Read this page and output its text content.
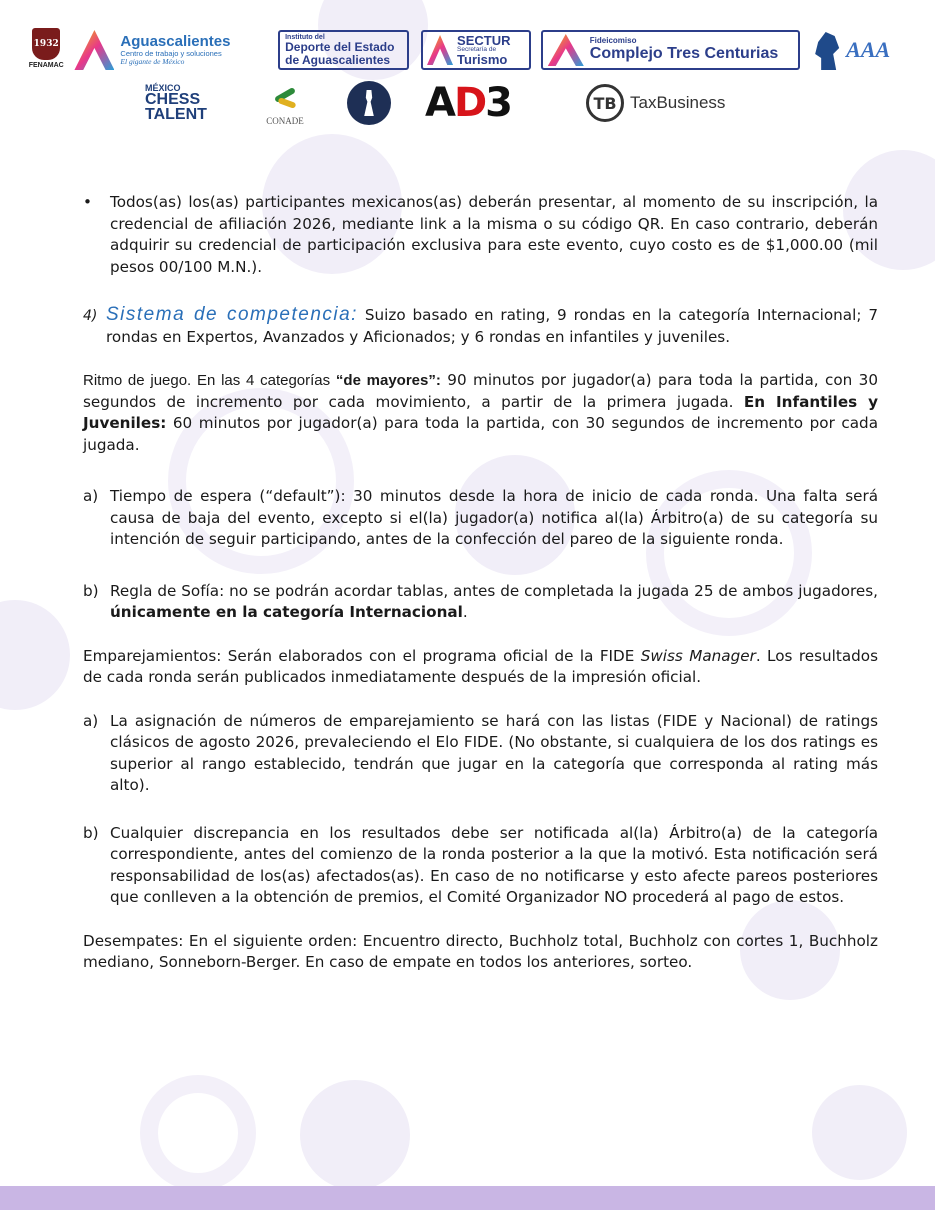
1932
FENAMAC
Aguascalientes
Centro de trabajo y soluciones
El gigante de México
Instituto del
Deporte del Estado
de Aguascalientes
SECTUR
Secretaría de
Turismo
Fideicomiso
Complejo Tres Centurias	AAA
MÉXICO
CHESS
TALENT	CONADE	AD3	TB TaxBusiness

• Todos(as) los(as) participantes mexicanos(as) deberán presentar, al momento de su inscripción, la credencial de afiliación 2026, mediante link a la misma o su código QR. En caso contrario, deberán adquirir su credencial de participación exclusiva para este evento, cuyo costo es de $1,000.00 (mil pesos 00/100 M.N.).

4) Sistema de competencia: Suizo basado en rating, 9 rondas en la categoría Internacional; 7 rondas en Expertos, Avanzados y Aficionados; y 6 rondas en infantiles y juveniles.

Ritmo de juego. En las 4 categorías “de mayores”: 90 minutos por jugador(a) para toda la partida, con 30 segundos de incremento por cada movimiento, a partir de la primera jugada. En Infantiles y Juveniles: 60 minutos por jugador(a) para toda la partida, con 30 segundos de incremento por cada jugada.

a) Tiempo de espera (“default”): 30 minutos desde la hora de inicio de cada ronda. Una falta será causa de baja del evento, excepto si el(la) jugador(a) notifica al(la) Árbitro(a) de su categoría su intención de seguir participando, antes de la confección del pareo de la siguiente ronda.

b) Regla de Sofía: no se podrán acordar tablas, antes de completada la jugada 25 de ambos jugadores, únicamente en la categoría Internacional.

Emparejamientos: Serán elaborados con el programa oficial de la FIDE Swiss Manager. Los resultados de cada ronda serán publicados inmediatamente después de la impresión oficial.

a) La asignación de números de emparejamiento se hará con las listas (FIDE y Nacional) de ratings clásicos de agosto 2026, prevaleciendo el Elo FIDE. (No obstante, si cualquiera de los dos ratings es superior al rango establecido, tendrán que jugar en la categoría que corresponda al rating más alto).

b) Cualquier discrepancia en los resultados debe ser notificada al(la) Árbitro(a) de la categoría correspondiente, antes del comienzo de la ronda posterior a la que la motivó. Esta notificación será responsabilidad de los(as) afectados(as). En caso de no notificarse y esto afecte pareos posteriores que conlleven a la obtención de premios, el Comité Organizador NO procederá al pago de estos.

Desempates: En el siguiente orden: Encuentro directo, Buchholz total, Buchholz con cortes 1, Buchholz mediano, Sonneborn-Berger. En caso de empate en todos los anteriores, sorteo.
